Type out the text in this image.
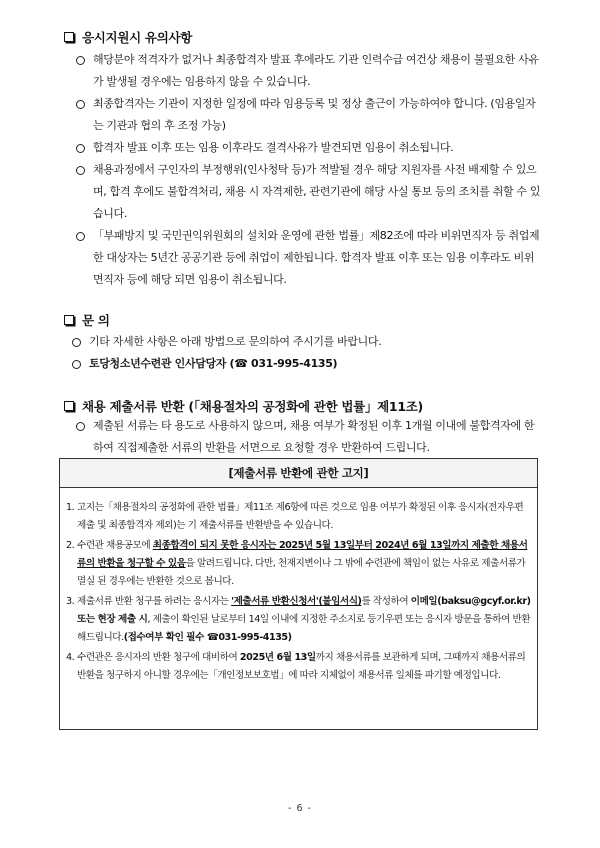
응시지원시 유의사항
해당분야 적격자가 없거나 최종합격자 발표 후에라도 기관 인력수급 여건상 채용이 불필요한 사유가 발생될 경우에는 임용하지 않을 수 있습니다.
최종합격자는 기관이 지정한 일정에 따라 임용등록 및 정상 출근이 가능하여야 합니다. (임용일자는 기관과 협의 후 조정 가능)
합격자 발표 이후 또는 임용 이후라도 결격사유가 발견되면 임용이 취소됩니다.
채용과정에서 구인자의 부정행위(인사청탁 등)가 적발될 경우 해당 지원자를 사전 배제할 수 있으며, 합격 후에도 불합격처리, 채용 시 자격제한, 관련기관에 해당 사실 통보 등의 조치를 취할 수 있습니다.
「부패방지 및 국민권익위원회의 설치와 운영에 관한 법률」제82조에 따라 비위면직자 등 취업제한 대상자는 5년간 공공기관 등에 취업이 제한됩니다. 합격자 발표 이후 또는 임용 이후라도 비위면직자 등에 해당 되면 임용이 취소됩니다.
문 의
기타 자세한 사항은 아래 방법으로 문의하여 주시기를 바랍니다.
토당청소년수련관 인사담당자 (☎ 031-995-4135)
채용 제출서류 반환 (「채용절차의 공정화에 관한 법률」제11조)
제출된 서류는 타 용도로 사용하지 않으며, 채용 여부가 확정된 이후 1개월 이내에 불합격자에 한하여 직접제출한 서류의 반환을 서면으로 요청할 경우 반환하여 드립니다.
[제출서류 반환에 관한 고지]
1. 고지는「채용절차의 공정화에 관한 법률」제11조 제6항에 따른 것으로 임용 여부가 확정된 이후 응시자(전자우편 제출 및 최종합격자 제외)는 기 제출서류를 반환받을 수 있습니다.
2. 수련관 채용공모에 최종합격이 되지 못한 응시자는 2025년 5월 13일부터 2024년 6월 13일까지 제출한 채용서류의 반환을 청구할 수 있음을 알려드립니다. 다만, 천재지변이나 그 밖에 수련관에 책임이 없는 사유로 제출서류가 멸실 된 경우에는 반환한 것으로 봅니다.
3. 제출서류 반환 청구를 하려는 응시자는 '제출서류 반환신청서'(붙임서식)를 작성하여 이메일(baksu@gcyf.or.kr) 또는 현장 제출 시, 제출이 확인된 날로부터 14일 이내에 지정한 주소지로 등기우편 또는 응시자 방문을 통하여 반환해드립니다.(접수여부 확인 필수 ☎031-995-4135)
4. 수련관은 응시자의 반환 청구에 대비하여 2025년 6월 13일까지 채용서류를 보관하게 되며, 그때까지 채용서류의 반환을 청구하지 아니할 경우에는「개인정보보호법」에 따라 지체없이 채용서류 일체를 파기할 예정입니다.
- 6 -
